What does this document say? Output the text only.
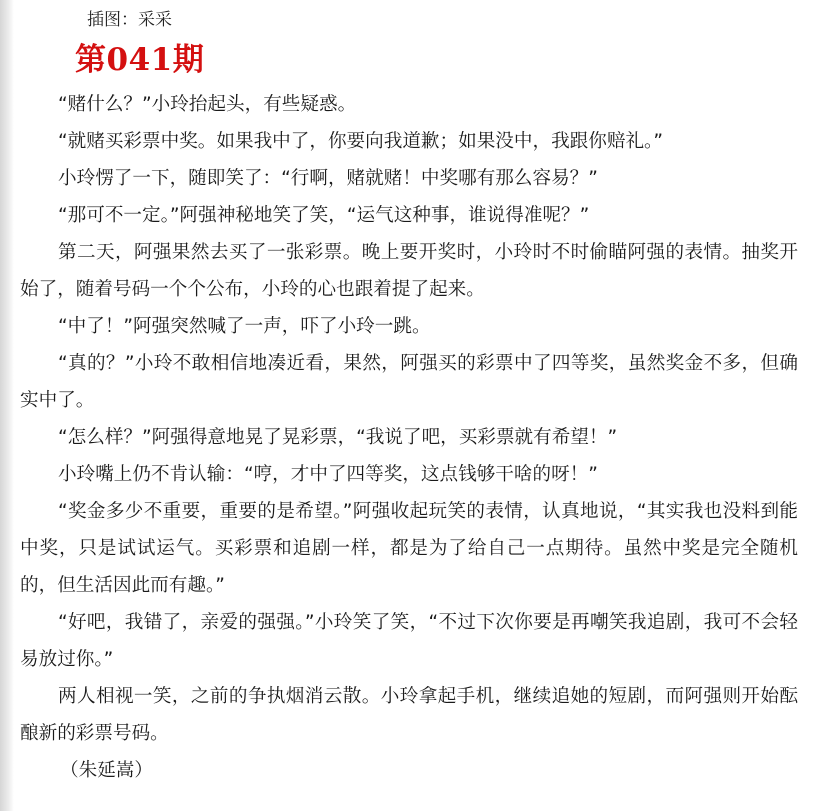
插图：采采
第041期

“赌什么？”小玲抬起头，有些疑惑。

“就赌买彩票中奖。如果我中了，你要向我道歉；如果没中，我跟你赔礼。”

小玲愣了一下，随即笑了：“行啊，赌就赌！中奖哪有那么容易？”

“那可不一定。”阿强神秘地笑了笑，“运气这种事，谁说得准呢？”

第二天，阿强果然去买了一张彩票。晚上要开奖时，小玲时不时偷瞄阿强的表情。抽奖开始了，随着号码一个个公布，小玲的心也跟着提了起来。

“中了！”阿强突然喊了一声，吓了小玲一跳。

“真的？”小玲不敢相信地凑近看，果然，阿强买的彩票中了四等奖，虽然奖金不多，但确实中了。

“怎么样？”阿强得意地晃了晃彩票，“我说了吧，买彩票就有希望！”

小玲嘴上仍不肯认输：“哼，才中了四等奖，这点钱够干啥的呀！”

“奖金多少不重要，重要的是希望。”阿强收起玩笑的表情，认真地说，“其实我也没料到能中奖，只是试试运气。买彩票和追剧一样，都是为了给自己一点期待。虽然中奖是完全随机的，但生活因此而有趣。”

“好吧，我错了，亲爱的强强。”小玲笑了笑，“不过下次你要是再嘲笑我追剧，我可不会轻易放过你。”

两人相视一笑，之前的争执烟消云散。小玲拿起手机，继续追她的短剧，而阿强则开始酝酿新的彩票号码。

（朱延嵩）
